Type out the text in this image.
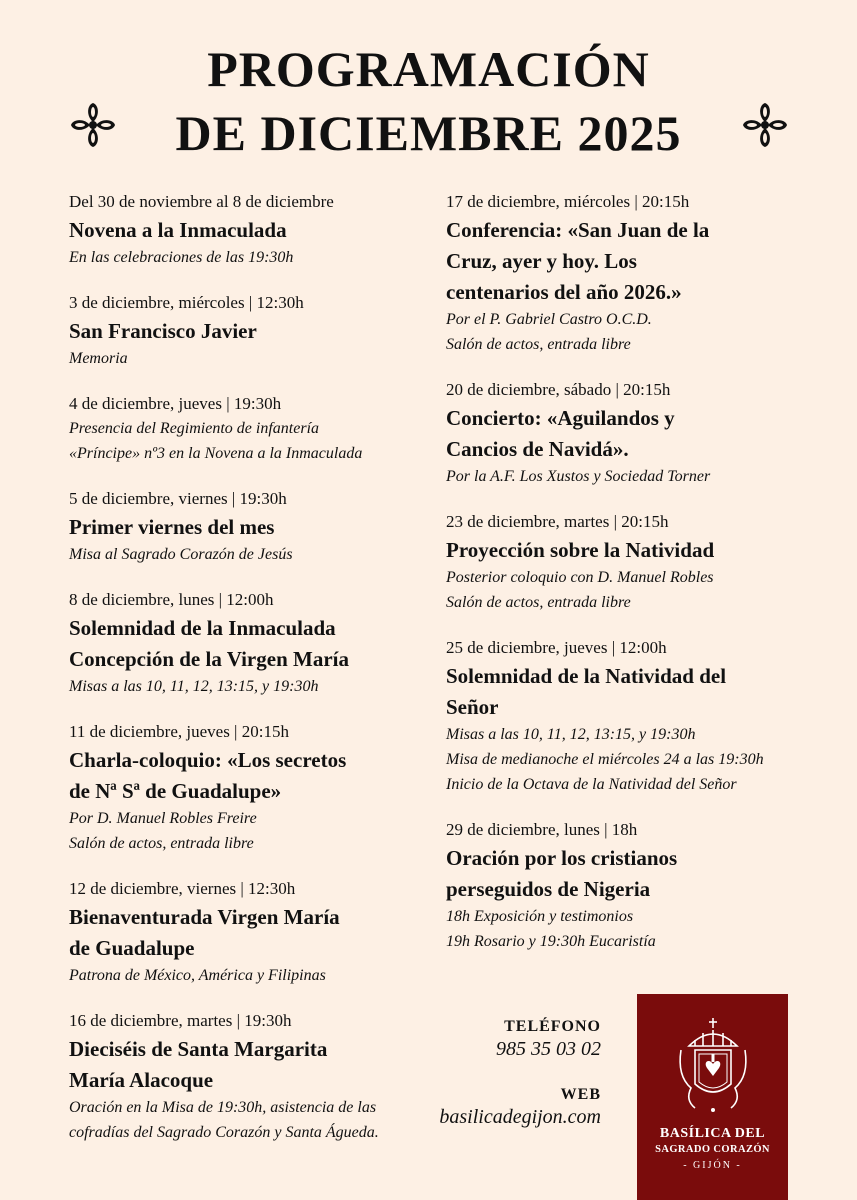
PROGRAMACIÓN
DE DICIEMBRE 2025
Del 30 de noviembre al 8 de diciembre
Novena a la Inmaculada
En las celebraciones de las 19:30h
3 de diciembre, miércoles | 12:30h
San Francisco Javier
Memoria
4 de diciembre, jueves | 19:30h
Presencia del Regimiento de infantería
«Príncipe» nº3 en la Novena a la Inmaculada
5 de diciembre, viernes | 19:30h
Primer viernes del mes
Misa al Sagrado Corazón de Jesús
8 de diciembre, lunes | 12:00h
Solemnidad de la Inmaculada
Concepción de la Virgen María
Misas a las 10, 11, 12, 13:15, y 19:30h
11 de diciembre, jueves | 20:15h
Charla-coloquio: «Los secretos
de Nª Sª de Guadalupe»
Por D. Manuel Robles Freire
Salón de actos, entrada libre
12 de diciembre, viernes | 12:30h
Bienaventurada Virgen María
de Guadalupe
Patrona de México, América y Filipinas
16 de diciembre, martes | 19:30h
Dieciséis de Santa Margarita
María Alacoque
Oración en la Misa de 19:30h, asistencia de las
cofradías del Sagrado Corazón y Santa Águeda.
17 de diciembre, miércoles | 20:15h
Conferencia: «San Juan de la
Cruz, ayer y hoy. Los
centenarios del año 2026.»
Por el P. Gabriel Castro O.C.D.
Salón de actos, entrada libre
20 de diciembre, sábado | 20:15h
Concierto: «Aguilandos y
Cancios de Navidá».
Por la A.F. Los Xustos y Sociedad Torner
23 de diciembre, martes | 20:15h
Proyección sobre la Natividad
Posterior coloquio con D. Manuel Robles
Salón de actos, entrada libre
25 de diciembre, jueves | 12:00h
Solemnidad de la Natividad del
Señor
Misas a las 10, 11, 12, 13:15, y 19:30h
Misa de medianoche el miércoles 24 a las 19:30h
Inicio de la Octava de la Natividad del Señor
29 de diciembre, lunes | 18h
Oración por los cristianos
perseguidos de Nigeria
18h Exposición y testimonios
19h Rosario y 19:30h Eucaristía
TELÉFONO
985 35 03 02
WEB
basilicadegijon.com
BASÍLICA DEL
SAGRADO CORAZÓN
- GIJÓN -
